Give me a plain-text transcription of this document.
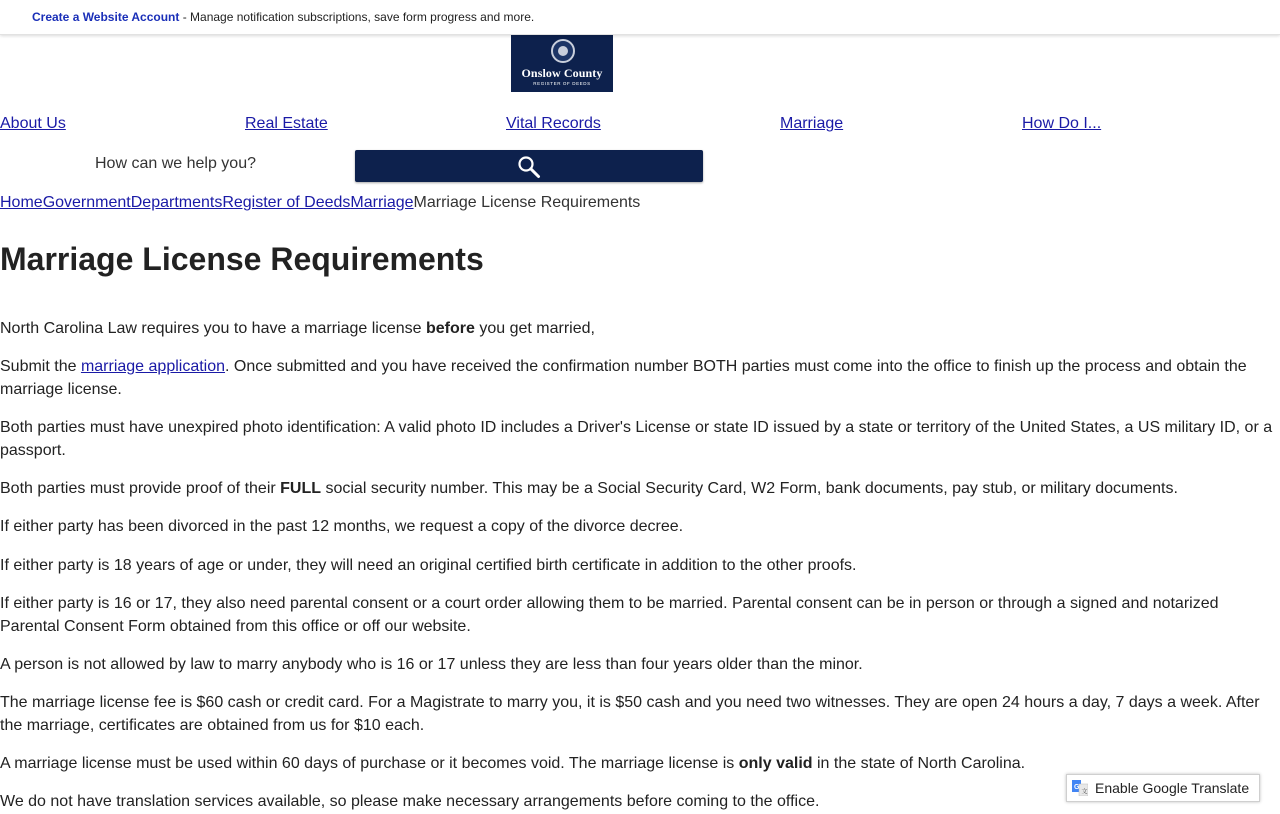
Create a Website Account - Manage notification subscriptions, save form progress and more.
Onslow County
REGISTER OF DEEDS
About Us	Real Estate	Vital Records	Marriage	How Do I...
How can we help you?
HomeGovernmentDepartmentsRegister of DeedsMarriageMarriage License Requirements
Marriage License Requirements

North Carolina Law requires you to have a marriage license before you get married,

Submit the marriage application. Once submitted and you have received the confirmation number BOTH parties must come into the office to finish up the process and obtain the marriage license.

Both parties must have unexpired photo identification: A valid photo ID includes a Driver's License or state ID issued by a state or territory of the United States, a US military ID, or a passport.

Both parties must provide proof of their FULL social security number. This may be a Social Security Card, W2 Form, bank documents, pay stub, or military documents.

If either party has been divorced in the past 12 months, we request a copy of the divorce decree.

If either party is 18 years of age or under, they will need an original certified birth certificate in addition to the other proofs.

If either party is 16 or 17, they also need parental consent or a court order allowing them to be married. Parental consent can be in person or through a signed and notarized Parental Consent Form obtained from this office or off our website.

A person is not allowed by law to marry anybody who is 16 or 17 unless they are less than four years older than the minor.

The marriage license fee is $60 cash or credit card. For a Magistrate to marry you, it is $50 cash and you need two witnesses. They are open 24 hours a day, 7 days a week. After the marriage, certificates are obtained from us for $10 each.

A marriage license must be used within 60 days of purchase or it becomes void. The marriage license is only valid in the state of North Carolina.

We do not have translation services available, so please make necessary arrangements before coming to the office.

G
文 Enable Google Translate
